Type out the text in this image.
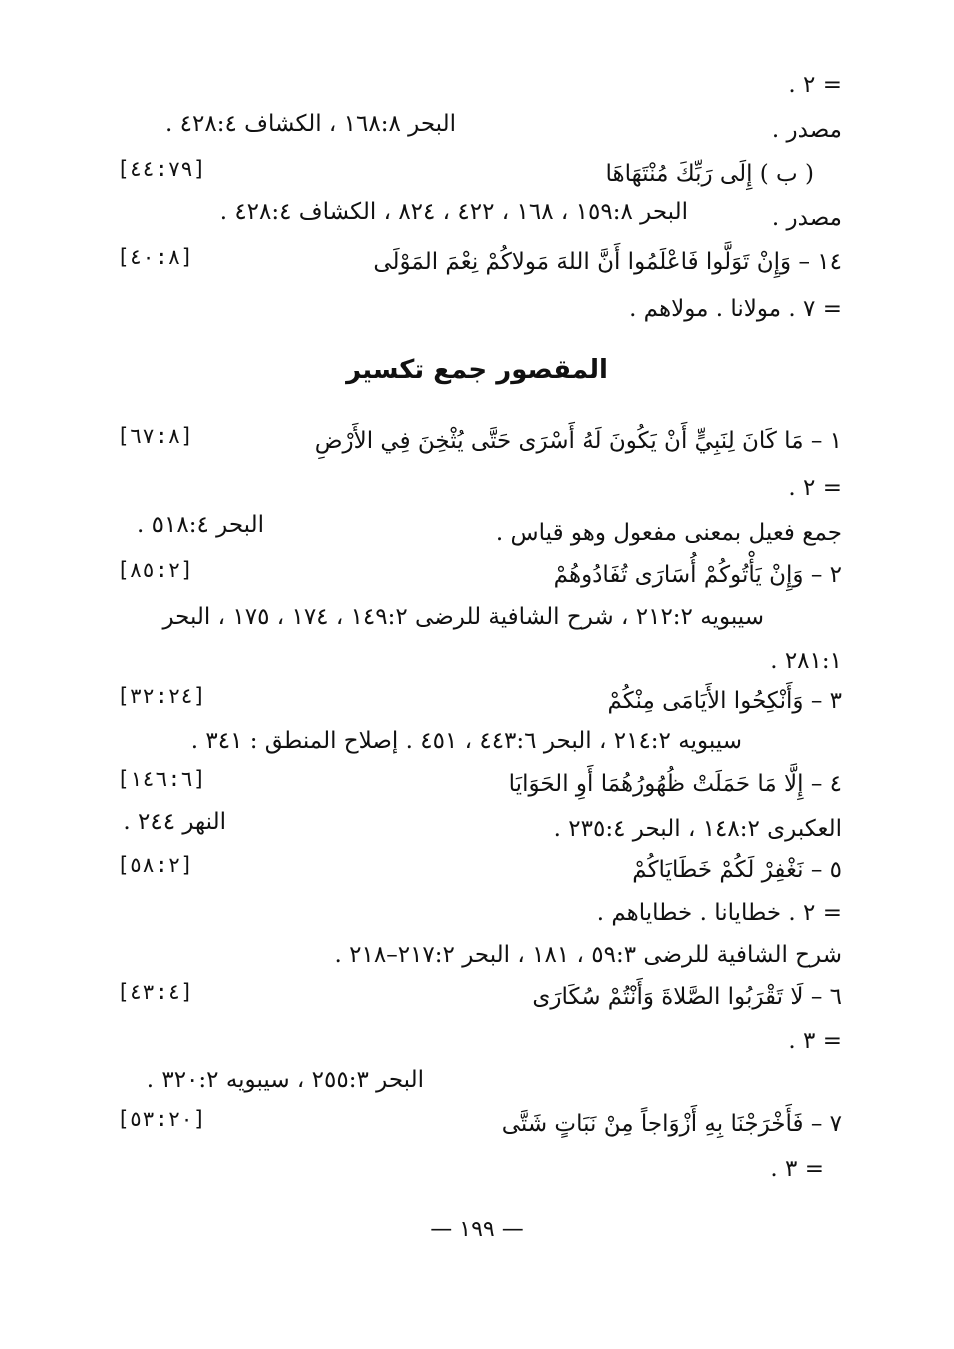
= ٢ .
مصدر .
البحر ١٦٨:٨ ، الكشاف ٤٢٨:٤ .
( ب ) إِلَى رَبِّكَ مُنْتَهَاهَا
[٤٤:٧٩]
مصدر .
البحر ١٥٩:٨ ، ١٦٨ ، ٤٢٢ ، ٨٢٤ ، الكشاف ٤٢٨:٤ .
١٤ – وَإِنْ تَوَلَّوا فَاعْلَمُوا أَنَّ اللهَ مَولاكُمْ نِعْمَ المَوْلَى
[٤٠:٨]
= ٧ . مولانا . مولاهم .
المقصور جمع تكسير
١ – مَا كَانَ لِنَبِيٍّ أَنْ يَكُونَ لَهُ أَسْرَى حَتَّى يُثْخِنَ فِي الأَرْضِ
[٦٧:٨]
= ٢ .
جمع فعيل بمعنى مفعول وهو قياس .
البحر ٥١٨:٤ .
٢ – وَإِنْ يَأْتُوكُمْ أُسَارَى تُفَادُوهُمْ
[٨٥:٢]
سيبويه ٢١٢:٢ ، شرح الشافية للرضى ١٤٩:٢ ، ١٧٤ ، ١٧٥ ، البحر
٢٨١:١ .
٣ – وَأَنْكِحُوا الأَيَامَى مِنْكُمْ
[٣٢:٢٤]
سيبويه ٢١٤:٢ ، البحر ٤٤٣:٦ ، ٤٥١ . إصلاح المنطق : ٣٤١ .
٤ – إِلَّا مَا حَمَلَتْ ظُهُورُهُمَا أَوِ الحَوَايَا
[١٤٦:٦]
العكبرى ١٤٨:٢ ، البحر ٢٣٥:٤ .
النهر ٢٤٤ .
٥ – نَغْفِرْ لَكُمْ خَطَايَاكُمْ
[٥٨:٢]
= ٢ . خطايانا . خطاياهم .
شرح الشافية للرضى ٥٩:٣ ، ١٨١ ، البحر ٢١٧:٢–٢١٨ .
٦ – لَا تَقْرَبُوا الصَّلاةَ وَأَنْتُمْ سُكَارَى
[٤٣:٤]
= ٣ .
البحر ٢٥٥:٣ ، سيبويه ٣٢٠:٢ .
٧ – فَأَخْرَجْنَا بِهِ أَزْوَاجاً مِنْ نَبَاتٍ شَتَّى
[٥٣:٢٠]
= ٣ .
— ١٩٩ —
